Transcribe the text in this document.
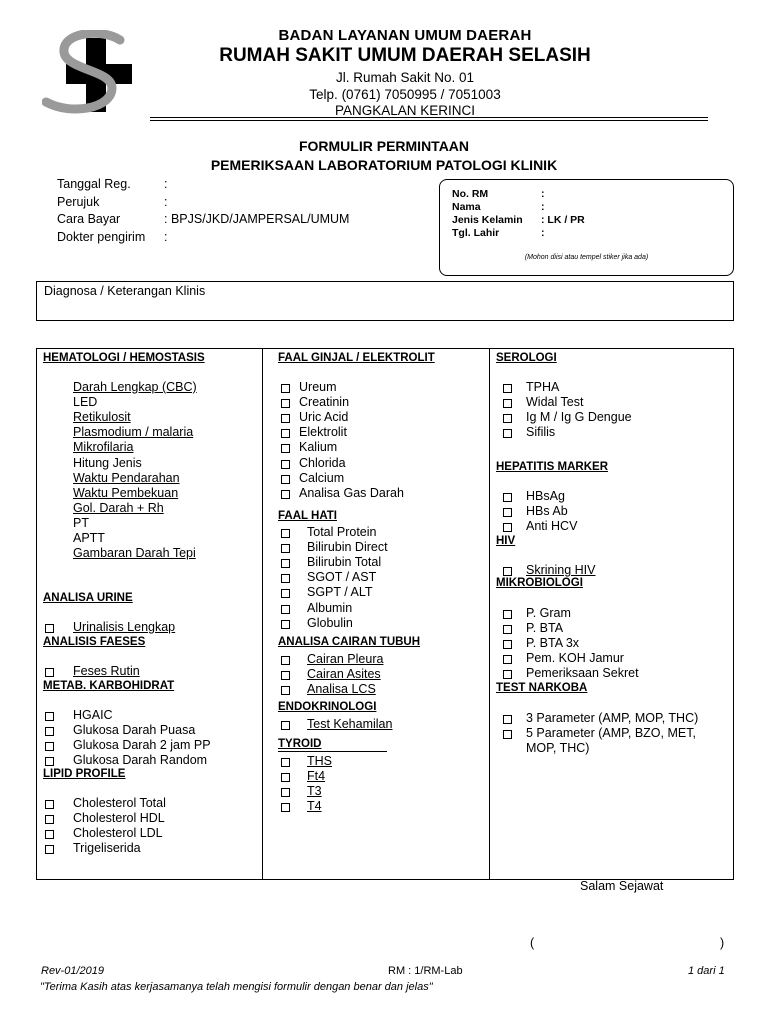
BADAN LAYANAN UMUM DAERAH
RUMAH SAKIT UMUM DAERAH SELASIH
Jl. Rumah Sakit No. 01
Telp. (0761) 7050995 / 7051003
PANGKALAN KERINCI
FORMULIR PERMINTAAN
PEMERIKSAAN LABORATORIUM PATOLOGI KLINIK
Tanggal Reg.	:
Perujuk	:
Cara Bayar	: BPJS/JKD/JAMPERSAL/UMUM
Dokter pengirim :
No. RM	:
Nama	:
Jenis Kelamin : LK / PR
Tgl. Lahir	:
(Mohon diisi atau tempel stiker jika ada)
Diagnosa / Keterangan Klinis
HEMATOLOGI / HEMOSTASIS
Darah Lengkap (CBC)
LED
Retikulosit
Plasmodium / malaria
Mikrofilaria
Hitung Jenis
Waktu Pendarahan
Waktu Pembekuan
Gol. Darah + Rh
PT
APTT
Gambaran Darah Tepi
ANALISA URINE
Urinalisis Lengkap
ANALISIS FAESES
Feses Rutin
METAB. KARBOHIDRAT
HGAIC
Glukosa Darah Puasa
Glukosa Darah 2 jam PP
Glukosa Darah Random
LIPID PROFILE
Cholesterol Total
Cholesterol HDL
Cholesterol LDL
Trigeliserida
FAAL GINJAL / ELEKTROLIT
Ureum
Creatinin
Uric Acid
Elektrolit
Kalium
Chlorida
Calcium
Analisa Gas Darah
FAAL HATI
Total Protein
Bilirubin Direct
Bilirubin Total
SGOT / AST
SGPT / ALT
Albumin
Globulin
ANALISA CAIRAN TUBUH
Cairan Pleura
Cairan Asites
Analisa LCS
ENDOKRINOLOGI
Test Kehamilan
TYROID
THS
Ft4
T3
T4
SEROLOGI
TPHA
Widal Test
Ig M / Ig G Dengue
Sifilis
HEPATITIS MARKER
HBsAg
HBs Ab
Anti HCV
HIV
Skrining HIV
MIKROBIOLOGI
P. Gram
P. BTA
P. BTA 3x
Pem. KOH Jamur
Pemeriksaan Sekret
TEST NARKOBA
3 Parameter (AMP, MOP, THC)
5 Parameter (AMP, BZO, MET,
MOP, THC)
Salam Sejawat
(	)
Rev-01/2019	RM : 1/RM-Lab	1 dari 1
"Terima Kasih atas kerjasamanya telah mengisi formulir dengan benar dan jelas"
